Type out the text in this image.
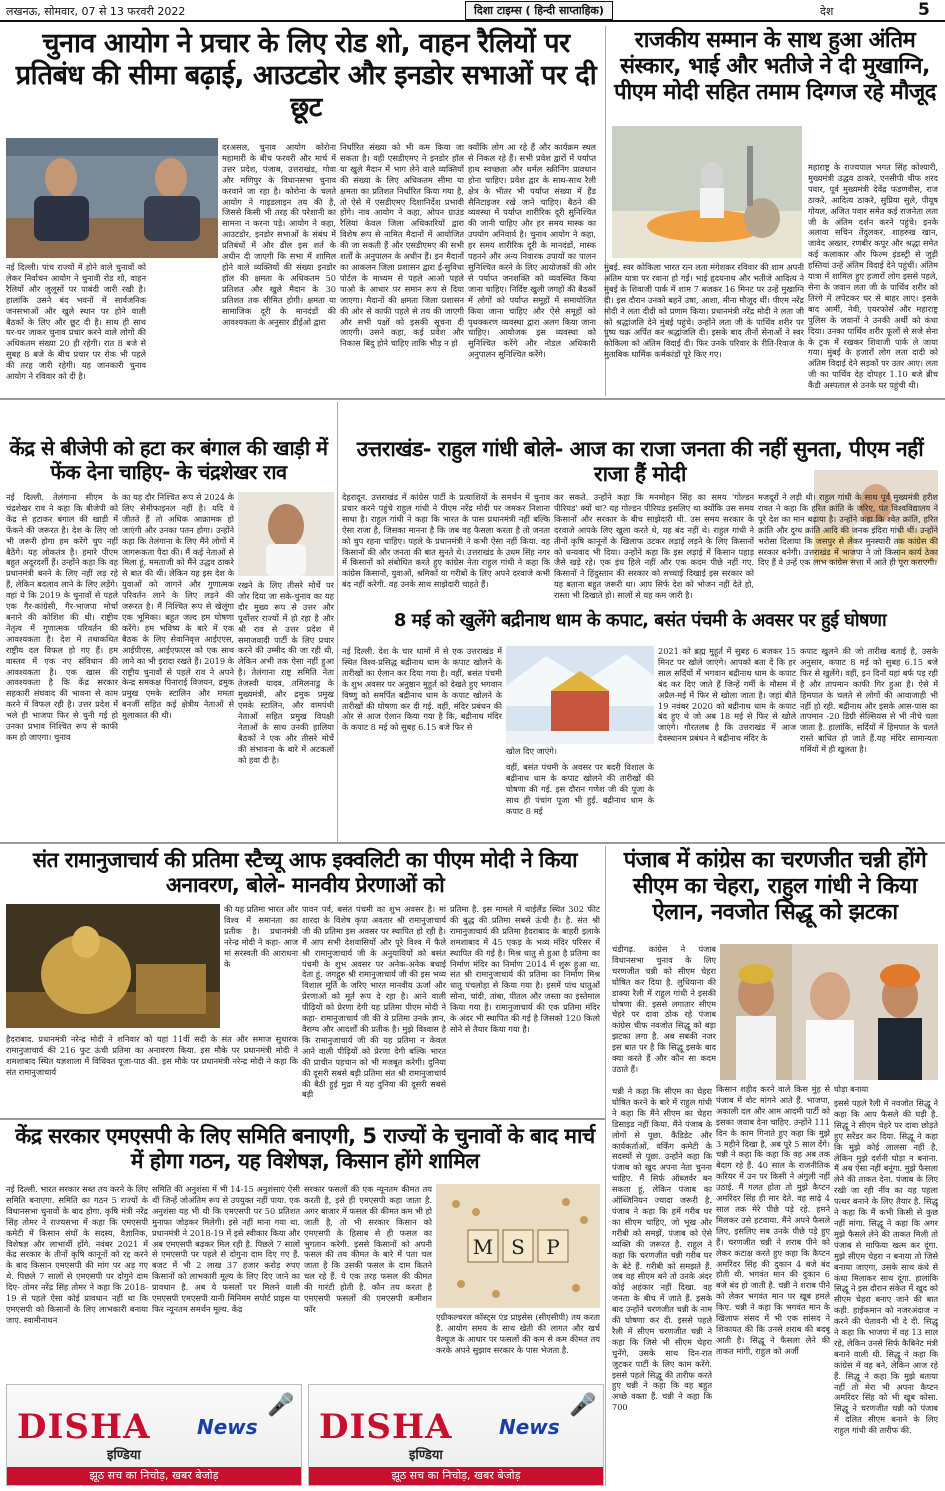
लखनऊ, सोमवार, 07 से 13 फरवरी 2022	दिशा टाइम्स ( हिन्दी साप्ताहिक)	देश	5
चुनाव आयोग ने प्रचार के लिए रोड शो, वाहन रैलियों पर प्रतिबंध की सीमा बढ़ाई, आउटडोर और इनडोर सभाओं पर दी छूट
नई दिल्ली। पांच राज्यों में होने वाले चुनावों को लेकर निर्वाचन आयोग ने चुनावी रोड शो, वाहन रैलियों और जुलूसों पर पाबंदी जारी रखी है। हालांकि उसने बंद भवनों में सार्वजनिक जनसभाओं और खुले स्थान पर होने वाली बैठकों के लिए और छूट दी है। साथ ही साथ घर-घर जाकर चुनाव प्रचार करने वाले लोगों की अधिकतम संख्या 20 ही रहेगी। रात 8 बजे से सुबह 8 बजे के बीच प्रचार पर रोक भी पहले की तरह जारी रहेगी। यह जानकारी चुनाव आयोग ने रविवार को दी है।
दरअसल, चुनाव आयोग कोरोना महामारी के बीच फरवरी और मार्च में उत्तर प्रदेश, पंजाब, उत्तराखंड, गोवा और मणिपुर के विधानसभा चुनाव करवाने जा रहा है। कोरोना के चलते आयोग ने गाइडलाइन तय की है, जिससे किसी भी तरह की परेशानी का सामना न करना पड़े। आयोग ने कहा, आउटडोर, इनडोर सभाओं के संबंध में प्रतिबंधों में और ढील इस शर्त के अधीन दी जाएगी कि सभा में शामिल होने वाले व्यक्तियों की संख्या इनडोर हॉल की क्षमता के अधिकतम 50 प्रतिशत और खुले मैदान के 30 प्रतिशत तक सीमित होगी। क्षमता या सामाजिक दूरी के मानदंडों की आवश्यकता के अनुसार डीईओ द्वारा
निर्धारित संख्या को भी कम किया जा सकता है। वहीं एसडीएमए ने इनडोर हॉल या खुले मैदान में भाग लेने वाले व्यक्तियों की संख्या के लिए अधिकतम सीमा या क्षमता का प्रतिशत निर्धारित किया गया है, तो ऐसे में एसडीएमए दिशानिर्देश प्रभावी होंगे। नाव आयोग ने कहा, ओपन ग्राउंड रैलियां केवल जिला अधिकारियों द्वारा विशेष रूप से नामित मैदानों में आयोजित की जा सकती हैं और एसडीएमए की सभी शर्तों के अनुपालन के अधीन हैं। इन मैदानों का आकलन जिला प्रशासन द्वारा ई-सुविधा पोर्टल के माध्यम से पहले आओ पहले पाओ के आधार पर समान रूप से दिया जाएगा। मैदानों की क्षमता जिला प्रशासन की ओर से काफी पहले से तय की जाएगी और सभी पक्षों को इसकी सूचना दी जाएगी। उसने कहा, कई प्रवेश और निकास बिंदु होने चाहिए ताकि भीड़ न हो
क्योंकि लोग आ रहे हैं और कार्यक्रम स्थल से निकल रहे हैं। सभी प्रवेश द्वारों में पर्याप्त हाथ स्वच्छता और थर्मल स्क्रीनिंग प्रावधान होना चाहिए। प्रवेश द्वार के साथ-साथ रैली क्षेत्र के भीतर भी पर्याप्त संख्या में हैंड सैनिटाइजर रखे जाने चाहिए। बैठने की व्यवस्था में पर्याप्त शारीरिक दूरी सुनिश्चित की जानी चाहिए और हर समय मास्क का उपयोग अनिवार्य है। चुनाव आयोग ने कहा, हर समय शारीरिक दूरी के मानदंडों, मास्क पहनने और अन्य निवारक उपायों का पालन सुनिश्चित करने के लिए आयोजकों की ओर से पर्याप्त जनशक्ति को व्यवस्थित किया जाना चाहिए। निर्दिष्ट खुली जगहों की बैठकों में लोगों को पर्याप्त समूहों में समायोजित किया जाना चाहिए और ऐसे समूहों को पृथक्करण व्यवस्था द्वारा अलग किया जाना चाहिए। आयोजक इस व्यवस्था को सुनिश्चित करेंगे और नोडल अधिकारी अनुपालन सुनिश्चित करेंगे।
राजकीय सम्मान के साथ हुआ अंतिम संस्कार, भाई और भतीजे ने दी मुखाग्नि, पीएम मोदी सहित तमाम दिग्गज रहे मौजूद
मुंबई. स्वर कोकिला भारत रत्न लता मंगेशकर रविवार की शाम अपनी अंतिम यात्रा पर रवाना हो गईं। भाई हृदयनाथ और भतीजे आदित्य ने मुंबई के शिवाजी पार्क में शाम 7 बजकर 16 मिनट पर उन्हें मुखाग्नि दी। इस दौरान उनको बहनें उषा, आशा, मीना मौजूद थीं। पीएम नरेंद्र मोदी ने लता दीदी को प्रणाम किया। प्रधानमंत्री नरेंद्र मोदी ने लता जी को श्रद्धांजलि देने मुंबई पहुंचे। उन्होंने लता जी के पार्थिव शरीर पर पुष्प चक्र अर्पित कर श्रद्धांजलि दी। इसके बाद तीनों सेनाओं ने स्वर कोकिला को अंतिम विदाई दी। फिर उनके परिवार के रीति-रिवाज के मुताबिक धार्मिक कर्मकांडों पूरे किए गए।
महाराष्ट्र के राज्यपाल भगत सिंह कोश्यारी, मुख्यमंत्री उद्धव ठाकरे, एनसीपी चीफ शरद पवार, पूर्व मुख्यमंत्री देवेंद्र फडणवीस, राज ठाकरे, आदित्य ठाकरे, सुप्रिया सुले, पीयूष गोयल, अजित पवार समेत कई राजनेता लता जी के अंतिम दर्शन करने पहुंचे। इनके अलावा सचिन तेंदुलकर, शाहरुख खान, जावेद अख्तर, रणबीर कपूर और श्रद्धा समेत कई कलाकार और फिल्म इंडस्ट्री से जुड़ी हस्तियां उन्हें अंतिम विदाई देने पहुंचीं। अंतिम यात्रा में शामिल हुए हजारों लोग इससे पहले, सेना के जवान लता जी के पार्थिव शरीर को तिरंगे में लपेटकर घर से बाहर लाए। इसके बाद आर्मी, नेवी, एयरफोर्स और महाराष्ट्र पुलिस के जवानों ने उनकी अर्थी को कंधा दिया। उनका पार्थिव शरीर फूलों से सजे सेना के ट्रक में रखकर शिवाजी पार्क ले जाया गया। मुंबई के हजारों लोग लता दादी को अंतिम विदाई देने सड़कों पर उतर आए। लता जी का पार्थिव देह दोपहर 1.10 बजे ब्रीच कैंडी अस्पताल से उनके घर पहुंची थी।
केंद्र से बीजेपी को हटा कर बंगाल की खाड़ी में फेंक देना चाहिए- के चंद्रशेखर राव
नई दिल्ली. तेलंगाना सीएम के चंद्रशेखर राव ने कहा कि बीजेपी को केंद्र से हटाकर बंगाल की खाड़ी में फेंकने की जरूरत है। देश के लिए जो भी जरूरी होगा हम करेंगे चुप नहीं बैठेंगे। यह लोकतंत्र है। हमारे पीएम बहुत अदूरदर्शी हैं। उन्होंने कहा कि वह प्रधानमंत्री बनने के लिए नहीं लड़ रहे हैं, लेकिन बदलाव लाने के लिए लड़ेंगे। वहां ये कि 2019 के चुनावों से पहले एक गैर-कांग्रेसी, गैर-भाजपा मोर्चा बनाने की कोशिश की थी। राष्ट्रीय नेतृत्व में गुणात्मक परिवर्तन की आवश्यकता है। देश में तथाकथित राष्ट्रीय दल विफल हो गए हैं। हम वास्तव में एक नए संविधान की आवश्यकता है। एक खास की आवश्यकता है कि केंद्र सरकार सहकारी संघवाद की भावना से काम करने में विफल रही है। उत्तर प्रदेश में भले ही भाजपा फिर से चुनी गई हो उनका प्रभाव निश्चित रूप से काफी कम हो जाएगा। चुनाव
का यह दौर निश्चित रूप से 2024 के लिए सेमीफाइनल नहीं है। यदि वे जीतते हैं तो अधिक आक्रामक हो जाएंगी और उनका पतन होगा। उन्होंने कहा कि तेलंगाना के लिए मैंने लोगों में जागरूकता पैदा की। मैं कई नेताओं से मिला हूं, ममताजी को मैंने उद्धव ठाकरे से बात की थी। लेकिन यह इस देश के युवाओं को जागने और गुणात्मक परिवर्तन लाने के लिए लड़ने की जरूरत है। मैं निश्चित रूप से खेलूंगा एक भूमिका। बहुत जल्द हम घोषणा करेंगे। हम भविष्य के बारे में एक बैठक के लिए सेवानिवृत्त आईएएस, आईपीएस, आईएफएस को एक साथ लाने का भी इरादा रखते हैं। 2019 के राष्ट्रीय चुनावों से पहले राव ने अपने केन्द्र समकक्ष पिनाराई विजयन, द्रमुक प्रमुख एमके स्टालिन और ममता बनर्जी सहित कई क्षेत्रीय नेताओं से मुलाकात की थी।
रखने के लिए तीसरे मोर्चे पर जोर दिया जा सके-चुनाव का यह दौर मुख्य रूप से उत्तर और पूर्वोत्तर राज्यों में हो रहा है और श्री राव से उत्तर प्रदेश में समाजवादी पार्टी के लिए प्रचार करने की उम्मीद की जा रही थी, लेकिन अभी तक ऐसा नहीं हुआ है। तेलंगाना राष्ट्र समिति नेता तेजस्वी यादव, तमिलनाडु के मुख्यमंत्री, और द्रमुक प्रमुख एमके स्टालिन, और वामपंथी नेताओं सहित प्रमुख विपक्षी नेताओं के साथ उनकी हालिया बैठकों ने एक और तीसरे मोर्चे की संभावना के बारे में अटकलों को हवा दी है।
उत्तराखंड- राहुल गांधी बोले- आज का राजा जनता की नहीं सुनता, पीएम नहीं राजा हैं मोदी
देहरादून. उत्तराखंड में कांग्रेस पार्टी के प्रत्याशियों के समर्थन में चुनाव प्रचार करने पहुंचे राहुल गांधी ने पीएम नरेंद्र मोदी पर जमकर निशाना साधा है। राहुल गांधी ने कहा कि भारत के पास प्रधानमंत्री नहीं बल्कि ऐसा राजा है, जिसका मानना है कि जब वह फैसला करता है तो जनता को चुप रहना चाहिए। पहले के प्रधानमंत्री ने कभी ऐसा नहीं किया. वह किसानों की और जनता की बात सुनते थे। उत्तराखंड के उधम सिंह नगर में किसानों को संबोधित करते हुए कांग्रेस नेता राहुल गांधी ने कहा कि कांग्रेस किसानों, युवाओं, श्रमिकों या गरीबों के लिए अपने दरवाजे कभी बंद नहीं करेगी. वह उनके साथ साझेदारी चाहते हैं।
कर सकते. उन्होंने कहा कि मनमोहन सिंह का समय 'गोल्डन पीरियड' क्यों था? यह गोल्डन पीरियड इसलिए था क्योंकि उस समय किसानों और सरकार के बीच साझेदारी थी. उस समय सरकार के दरवाजे आपके लिए खुला करते थे, यह बंद नहीं थे। राहुल गांधी ने तीनों कृषि कानूनों के खिलाफ उटकर लड़ाई लड़ने के लिए किसानों को धन्यवाद भी दिया। उन्होंने कहा कि इस लड़ाई में किसान पहाड़ जैसे खड़े रहे। एक इंच हिले नहीं और एक कदम पीछे नहीं गए. किसानों ने हिंदुस्तान की सरकार को सच्चाई दिखाई इस सरकार को यह बताना बहुत जरूरी था। आप सिर्फ देश को भोजन नहीं देते हो, रास्ता भी दिखाते हो। सालों से यह कम जारी है।
मजदूरों ने लड़ी थी। राहुल गांधी के साथ पूर्व मुख्यमंत्री हरीश रावत ने कहा कि हरित क्रांति के जरिए, पंत विश्वविद्यालय ने पूरे देश का मान बढ़ाया है। उन्होंने कहा कि श्वेत क्रांति, हरित क्रांति और दुग्ध क्रांति आदि की जनक इंदिरा गांधी थीं। उन्होंने भरोसा दिलाया कि जसपुर से लेकर मुनस्यारी तक कांग्रेस की सरकार बनेगी। उत्तराखंड में भाजपा ने जो किसान कार्य ठेका दिए हैं वे उन्हें एक लाभ कांग्रेस सत्ता में आते ही पूरा कराएगी।
8 मई को खुलेंगे बद्रीनाथ धाम के कपाट, बसंत पंचमी के अवसर पर हुई घोषणा
नई दिल्ली. देश के चार धामों में से एक उत्तराखंड में स्थित विश्व-प्रसिद्ध बद्रीनाथ धाम के कपाट खोलने के तारीखों का ऐलान कर दिया गया है। वहीं, बसंत पंचमी के शुभ अवसर पर अनुष्ठान मुहूर्त को देखते हुए भगवान विष्णु को समर्पित बद्रीनाथ धाम के कपाट खोलने के तारीखों की घोषणा कर दी गई. वहीं, मंदिर प्रबंधन की ओर से आज ऐलान किया गया है कि, बद्रीनाथ मंदिर के कपाट 8 मई को सुबह 6.15 बजे फिर से
खोल दिए जाएंगे।
वहीं, बसंत पंचमी के अवसर पर बदरी विशाल के बद्रीनाथ धाम के कपाट खोलने की तारीखों की घोषणा की गई. इस दौरान गणेश जी की पूजा के साथ ही पंचांग पूजा भी हुई. बद्रीनाथ धाम के कपाट 8 मई
2021 को ब्रह्म मुहूर्त में सुबह 6 बजकर 15 मिनट पर खोले जाएंगे। आपको बता दें कि हर साल सर्दियों में भगवान बद्रीनाथ धाम के कपाट बंद कर दिए जाते हैं जिन्हें गर्मी के मौसम में अप्रैल-मई में फिर से खोला जाता है। जहां बीते 19 नवंबर 2020 को बद्रीनाथ धाम के कपाट बंद हुए थे जो अब 18 मई से फिर से खोले जाएंगे। गौरतलब है कि उत्तराखंड में आज देवस्थानम प्रबंधन ने बद्रीनाथ मंदिर के
कपाट खुलने की जो तारीख बताई है, उसके अनुसार, कपाट 8 मई को सुबह 6.15 बजे फिर से खुलेंगे। वहीं, इन दिनों यहां बर्फ पड़ रही है और तापमान काफी गिर हुआ है। ऐसे में हिमपात के चलते से लोगों की आवाजाही भी नहीं हो रही. बद्रीनाथ और इसके आस-पास का तापमान -20 डिग्री सेल्सियस से भी नीचे चला जाता है. हालांकि, सर्दियों में हिमपात के चलते रास्ते बाधित हो जाते हैं.यह मंदिर सामान्यतः गर्मियों में ही खुलता है।
संत रामानुजाचार्य की प्रतिमा स्टैच्यू आफ इक्वलिटी का पीएम मोदी ने किया अनावरण, बोले- मानवीय प्रेरणाओं को
की यह प्रतिमा भारत और विश्व में समानता का प्रतीक है। प्रधानमंत्री नरेन्द्र मोदी ने कहा- आज मां सरस्वती की आराधना के
हैदराबाद. प्रधानमंत्री नरेन्द्र मोदी ने शनिवार को यहां 11वीं सदी के संत और समाज सुधारक रामानुजाचार्य की 216 फुट ऊंची प्रतिमा का अनावरण किया. इस मौके पर प्रधानमंत्री मोदी ने शमशाबाद स्थित यज्ञशाला में विधिवत पूजा-पाठ की. इस मौके पर प्रधानमंत्री नरेन्द्र मोदी ने कहा कि संत रामानुजाचार्य
पावन पर्व, बसंत पंचमी का शुभ अवसर है। मां शारदा के विशेष कृपा अवतार श्री रामानुजाचार्य जी की प्रतिमा इस अवसर पर स्थापित हो रही है। मैं आप सभी देशवासियों और पूरे विश्व में फैले श्री रामानुजाचार्य जी के अनुयायियों को बसंत पंचमी के शुभ अवसर पर अनेक-अनेक बधाई देता हूं. जगद्गुरु श्री रामानुजाचार्य जी की इस भव्य विशाल मूर्ति के जरिए भारत मानवीय ऊर्जा और प्रेरणाओं को मूर्त रूप दे रहा है। आने वाली पीढ़ियों को प्रेरणा देगी यह प्रतिमा पीएम मोदी ने कहा- रामानुजाचार्य जी की ये प्रतिमा उनके ज्ञान, वैराग्य और आदर्शों की प्रतीक है। मुझे विश्वास है कि रामानुजाचार्य जी की यह प्रतिमा न केवल आने वाली पीढ़ियों को प्रेरणा देगी बल्कि भारत की प्राचीन पहचान को भी मजबूत करेगी। दुनिया की दूसरी सबसे बड़ी प्रतिमा संत श्री रामानुजाचार्य की बैठी हुई मुद्रा में यह दुनिया की दूसरी सबसे बड़ी
प्रतिमा है. इस मामले में थाईलैंड स्थित 302 फीट की बुद्ध की प्रतिमा सबसे ऊंची है। है. संत श्री रामानुजाचार्य की प्रतिमा हैदराबाद के बाहरी इलाके शमशाबाद में 45 एकड़ के भव्य मंदिर परिसर में स्थापित की गई है। मिश्र धातु से हुआ है प्रतिमा का निर्माण मंदिर का निर्माण 2014 में शुरू हुआ था. संत श्री रामानुजाचार्य की प्रतिमा का निर्माण मिश्र धातु पंचलोहा से किया गया है। इसमें पांच धातुओं सोना, चांदी, तांबा, पीतल और जस्ता का इस्तेमाल किया गया है। रामानुजाचार्य की एक प्रतिमा मंदिर के अंदर भी स्थापित की गई है जिसको 120 किलो सोने से तैयार किया गया है।
पंजाब में कांग्रेस का चरणजीत चन्नी होंगे सीएम का चेहरा, राहुल गांधी ने किया ऐलान, नवजोत सिद्धू को झटका
चंडीगढ़. कांग्रेस ने पंजाब विधानसभा चुनाव के लिए चरणजीत चन्नी को सीएम चेहरा घोषित कर दिया है. लुधियाना की डाक्या रैली में राहुल गांधी ने इसकी घोषणा की. इससे लगातार सीएम चेहरे पर दावा ठोक रहे पंजाब कांग्रेस चीफ नवजोत सिद्धू को बड़ा झटका लगा है. अब सबकी नजर इस बात पर है कि सिद्धू इसके बाद क्या करते हैं और कौन सा कदम उठाते हैं।
चन्नी ने कहा कि सीएम का चेहरा घोषित करने के बारे में राहुल गांधी ने कहा कि मैंने सीएम का चेहरा डिसाइड नहीं किया. मैंने पंजाब के लोगों से पूछा. कैंडिडेट और कार्यकर्ताओं, वर्किंग कमेटी के सदस्यों से पूछा. उन्होंने कहा कि पंजाब को खुद अपना नेता चुनना चाहिए. मैं सिर्फ ऑब्जर्वर बन सकता हूं, लेकिन पंजाब का ऑब्जिनियन ज्यादा जरूरी है. पंजाब ने कहा कि हमें गरीब घर का सीएम चाहिए, जो भूख और गरीबी को समझें, पंजाब को ऐसे व्यक्ति की जरूरत है. राहुल ने कहा कि चरणजीत चन्नी गरीब घर के बेटे हैं. गरीबी को समझते हैं. जब वह सीएम बने तो उनके अंदर कोई अहंकार नहीं दिखा. वह जनता के बीच में जाते हैं. इसके बाद उन्होंने चरणजीत चन्नी के नाम की घोषणा कर दी. इससे पहले रैली में सीएम चरणजीत चन्नी ने कहा कि जिसे भी सीएम चेहरा चुनेंगे, उसके साथ दिन-रात जुटकर पार्टी के लिए काम करेंगे. इससे पहले सिद्धू की तारीफ करते हुए चन्नी ने कहा कि वह बहुत अच्छे वक्ता हैं. चन्नी ने कहा कि 700
किसान शहीद करने वाले किस मुंह से पंजाब में वोट मांगने आते हैं. भाजपा, अकाली दल और आम आदमी पार्टी को इसका जवाब देना चाहिए. उन्होंने 111 दिन के काम गिनाते हुए कहा कि मुझे 3 महीने दिखा है, अब पूरे 5 साल देंगे। चन्नी ने कहा कि कहा कि वह अब तक बेदाग रहे हैं. 40 साल के राजनीतिक करियर में उन पर किसी ने अंगुली नहीं उठाई. मैं गलत होता तो मुझे कैप्टन अमरिंदर सिंह ही मार देते. वह साढ़े 4 साल तक मेरे पीछे पड़े रहे. हमने मिलकर उसे हटवाया. मैंने अपने फैसले लिए, इसलिए सब उनके पीछे पड़े हुए हैं। चरणजीत चन्नी ने शराब पीने को लेकर कटाक्ष करते हुए कहा कि कैप्टन अमरिंदर सिंह की दुकान 4 बजे बंद होती थी. भगवंत मान की दुकान 6 बजे बंद हो जाती है. चन्नी ने शराब पीने को लेकर भगवंत मान पर खूब हमले किए. चन्नी ने कहा कि भगवंत मान के खिलाफ संसद में भी एक सांसद ने शिकायत की कि उनसे शराब की बदबू आती है। सिद्धू ने फैसला लेने की ताकत मांगी, राहुल को अर्जी
घोड़ा बनाया
इससे पहले रैली में नवजोत सिद्धू ने कहा कि आप फैसले की घड़ी है. सिद्धू ने सीएम चेहरे पर दावा छोड़ते हुए सरेंडर कर दिया. सिद्धू ने कहा कि मुझे कोई लालसा नहीं है, लेकिन मुझे दर्शनी घोड़ा न बनाना. मैं अब ऐसा नहीं बनूंगा. मुझे फैसला लेने की ताकत देना. पंजाब के लिए रखी जा रही नींव का यह पहला पत्थर बनाने के लिए तैयार है. सिद्धू ने कहा कि मैं कभी किसी से कुछ नहीं मांगा. सिद्धू ने कहा कि अगर मुझे फैसले लेने की ताकत मिली तो पंजाब से माफिया खत्म कर दूंगा. मुझे सीएम चेहरा न बनाया तो जिसे बनाया जाएगा, उसके साथ कंधे से कंधा मिलाकर साथ दूंगा. हालांकि सिद्धू ने इस दौरान संकेत में खुद को सीएम चेहरा बनाए जाने की बात कही. हाईकमान को नजरअंदाज न करने की चेतावनी भी दे दी. सिद्धू ने कहा कि भाजपा में वह 13 साल रहे, लेकिन उनसे सिर्फ कैबिनेट मंत्री बनाने वाली थी. सिद्धू ने कहा कि कांग्रेस में वह बने, लेकिन आज रहे हैं. सिद्धू ने कहा कि मुझे बताया नहीं तो मेरा भी अपना कैप्टन अमरिंदर सिंह को भी खूब कोसा. सिद्धू ने चरणजीत चन्नी को पंजाब में दलित सीएम बनाने के लिए राहुल गांधी की तारीफ की.
केंद्र सरकार एमएसपी के लिए समिति बनाएगी, 5 राज्यों के चुनावों के बाद मार्च में होगा गठन, यह विशेषज्ञ, किसान होंगे शामिल
नई दिल्ली. भारत सरकार सब्त तय करने के लिए समिति बनाएगा. समिति का गठन 5 राज्यों के विधानसभा चुनावों के बाद होगा. कृषि मंत्री नरेंद्र सिंह तोमर ने राज्यसभा में कहा कि एमएसपी कमेटी में किसान संघों के सदस्य, वैज्ञानिक, विशेषज्ञ और लाभार्थी होंगे. नवंबर 2021 में केंद्र सरकार के तीनों कृषि कानूनों को रद्द करने के बाद किसान एमएसपी की मांग पर अड़ गए थे. पिछले 7 सालों से एमएसपी पर दोगुने दाम दिए- तोमर नरेंद्र सिंह तोमर ने कहा कि 2018-19 से पहले ऐसा कोई प्रावधान नहीं था कि एमएसपी को किसानों के लिए लाभकारी बनाया जाए. स्वामीनाथन
समिति की अनुशंसा में भी 14-15 अनुशंसाएं ऐसी थीं जिन्हें जोअंतिम रूप से उपयुक्त नहीं पाया. एक अनुशंसा यह भी थी कि एमएसपी पर 50 प्रतिशत मुनाफा जोड़कर मिलेगी। इसे नहीं माना गया था. प्रधानमंत्री ने 2018-19 में इसे स्वीकार किया और अब एमएसपी बढ़कर मिल रही है. पिछले 7 सालों से एमएसपी पर पहले से दोगुना दाम दिए गए हैं. बजट में भी 2 लाख 37 हजार करोड़ रुपए किसानों को लाभकारी मूल्य के लिए दिए जाने का प्रावधान है. अब ये फसलों पर मिलने वाली एमएसपी एमएसपी यानी मिनिमम सपोर्ट प्राइस या फिर न्यूनतम समर्थन मूल्य. केंद्र
सरकार फसलों की एक न्यूनतम कीमत तय करती है, इसे ही एमएसपी कहा जाता है. अगर बाजार में फसल की कीमत कम भी हो जाती है, तो भी सरकार किसान को एमएसपी के हिसाब से ही फसल का भुगतान करेगी. इससे किसानों को अपनी फसल की तय कीमत के बारे में पता चल जाता है कि उसकी फसल के दाम कितने चल रहे हैं. ये एक तरह फसल की कीमत की गारंटी होती है. कौन तय करता है एमएसपी फसलों की एमएसपी कमीशन फॉर
M S P
एग्रीकल्चरल कॉस्ट्स एंड प्राइसेस (सीएसीपी) तय करता है. आयोग समय के साथ खेती की लागत और खर्च वैल्यूज के आधार पर फसलों की कम से कम कीमत तय करके अपने सुझाव सरकार के पास भेजता है.
DISHA News
🎤
इण्डिया
झूठ सच का निचोड़, खबर बेजोड़
DISHA News
🎤
इण्डिया
झूठ सच का निचोड़, खबर बेजोड़
